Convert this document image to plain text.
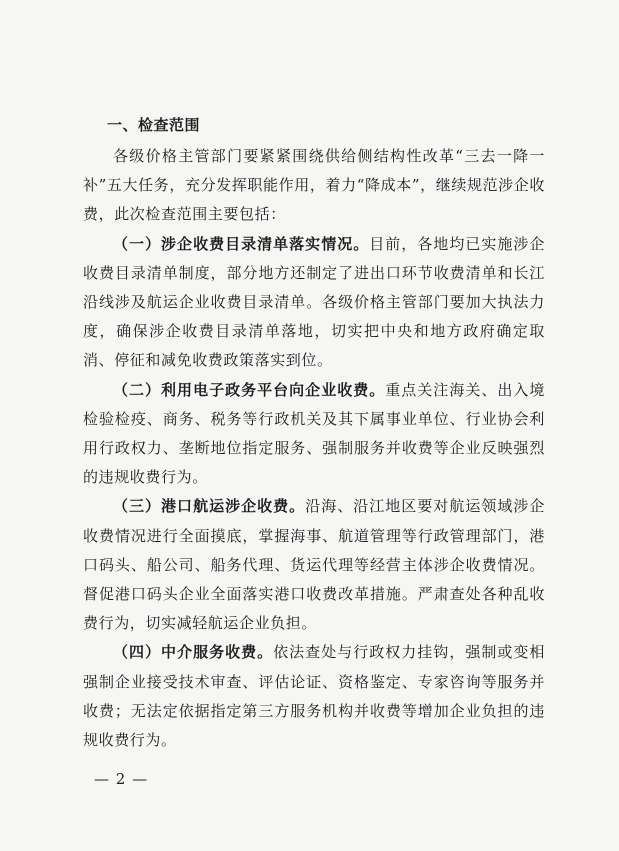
一、检查范围

各级价格主管部门要紧紧围绕供给侧结构性改革“三去一降一补”五大任务，充分发挥职能作用，着力“降成本”，继续规范涉企收费，此次检查范围主要包括：

（一）涉企收费目录清单落实情况。目前，各地均已实施涉企收费目录清单制度，部分地方还制定了进出口环节收费清单和长江沿线涉及航运企业收费目录清单。各级价格主管部门要加大执法力度，确保涉企收费目录清单落地，切实把中央和地方政府确定取消、停征和减免收费政策落实到位。

（二）利用电子政务平台向企业收费。重点关注海关、出入境检验检疫、商务、税务等行政机关及其下属事业单位、行业协会利用行政权力、垄断地位指定服务、强制服务并收费等企业反映强烈的违规收费行为。

（三）港口航运涉企收费。沿海、沿江地区要对航运领域涉企收费情况进行全面摸底，掌握海事、航道管理等行政管理部门，港口码头、船公司、船务代理、货运代理等经营主体涉企收费情况。督促港口码头企业全面落实港口收费改革措施。严肃查处各种乱收费行为，切实减轻航运企业负担。

（四）中介服务收费。依法查处与行政权力挂钩，强制或变相强制企业接受技术审查、评估论证、资格鉴定、专家咨询等服务并收费；无法定依据指定第三方服务机构并收费等增加企业负担的违规收费行为。

— 2 —
